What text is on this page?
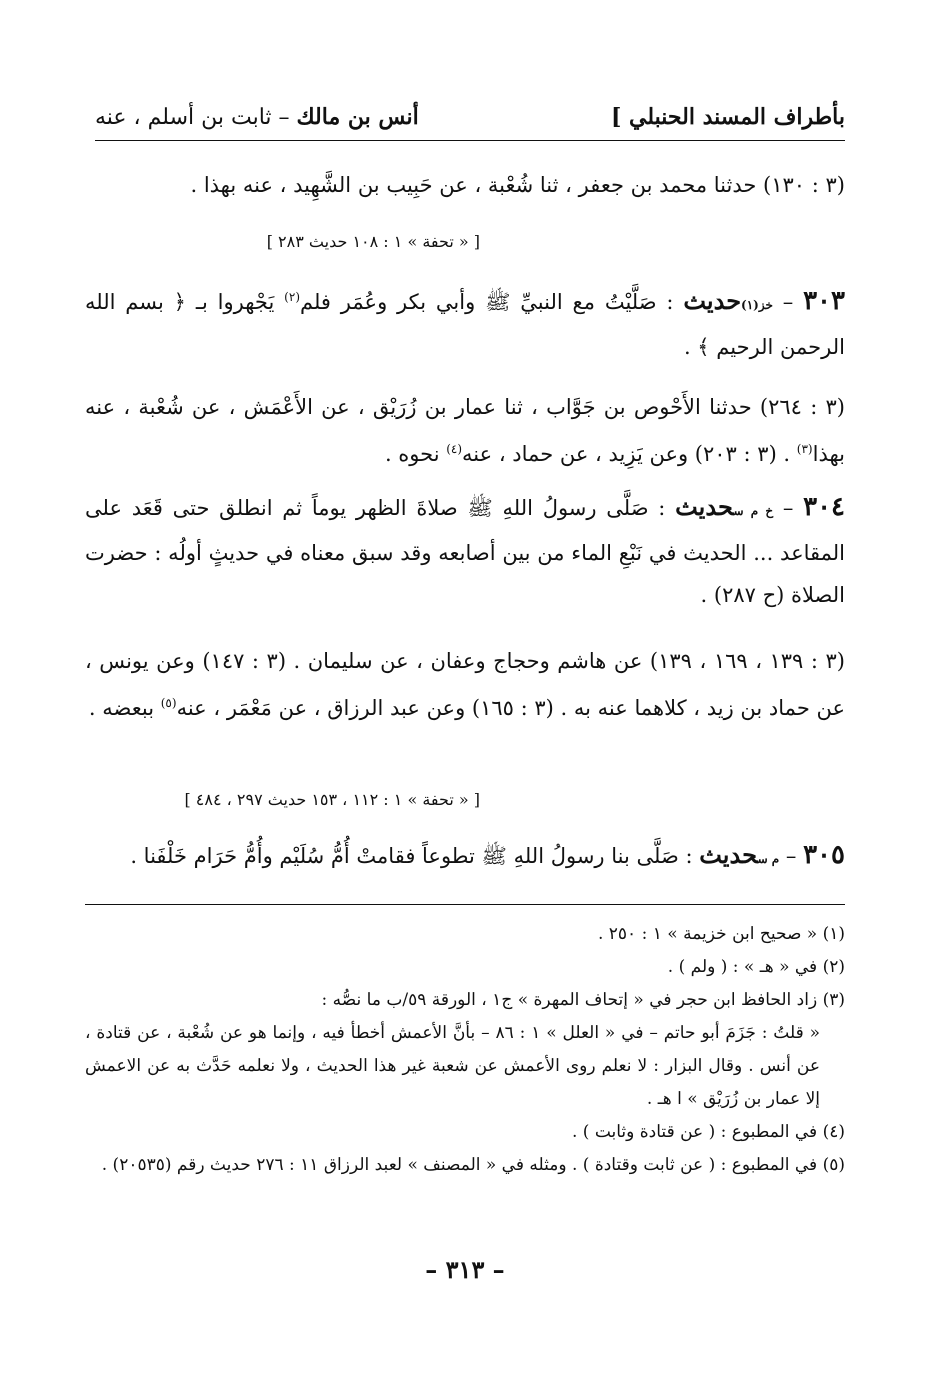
بأطراف المسند الحنبلي ]
أنس بن مالك – ثابت بن أسلم ، عنه
(٣ : ١٣٠) حدثنا محمد بن جعفر ، ثنا شُعْبة ، عن حَبِيب بن الشَّهِيد ، عنه بهذا .
[ « تحفة » ١ : ١٠٨ حديث ٢٨٣ ]
٣٠٣ – خز(١)حديث : صَلَّيْتُ مع النبيِّ ﷺ وأبي بكر وعُمَر فلم$^{(٢)}$ يَجْهروا بـ ﴿ بسم الله الرحمن الرحيم ﴾ .
(٣ : ٢٦٤) حدثنا الأَحْوص بن جَوَّاب ، ثنا عمار بن زُرَيْق ، عن الأَعْمَش ، عن شُعْبة ، عنه بهذا$^{(٣)}$ . (٣ : ٢٠٣) وعن يَزِيد ، عن حماد ، عنه$^{(٤)}$ نحوه .
٣٠٤ – خ م سحديث : صَلَّى رسولُ اللهِ ﷺ صلاةَ الظهر يوماً ثم انطلق حتى قَعَد على المقاعد ... الحديث في نَبْعِ الماء من بين أصابعه وقد سبق معناه في حديثٍ أولُه : حضرت الصلاة (ح ٢٨٧) .
(٣ : ١٣٩ ، ١٦٩ ، ١٣٩) عن هاشم وحجاج وعفان ، عن سليمان . (٣ : ١٤٧) وعن يونس ، عن حماد بن زيد ، كلاهما عنه به . (٣ : ١٦٥) وعن عبد الرزاق ، عن مَعْمَر ، عنه$^{(٥)}$ ببعضه .
[ « تحفة » ١ : ١١٢ ، ١٥٣ حديث ٢٩٧ ، ٤٨٤ ]
٣٠٥ – م سحديث : صَلَّى بنا رسولُ اللهِ ﷺ تطوعاً فقامتْ أُمُّ سُلَيْم وأُمُّ حَرَام خَلْفَنا .
(١) « صحيح ابن خزيمة » ١ : ٢٥٠ .
(٢) في « هـ » : ( ولم ) .
(٣) زاد الحافظ ابن حجر في « إتحاف المهرة » ج١ ، الورقة ٥٩/ب ما نصُّه :
« قلتُ : جَزَمَ أبو حاتم – في « العلل » ١ : ٨٦ – بأنَّ الأعمش أخطأ فيه ، وإنما هو عن شُعْبة ، عن قتادة ، عن أنس . وقال البزار : لا نعلم روى الأعمش عن شعبة غير هذا الحديث ، ولا نعلمه حَدَّث به عن الاعمش إلا عمار بن زُرَيْق » ا هـ .
(٤) في المطبوع : ( عن قتادة وثابت ) .
(٥) في المطبوع : ( عن ثابت وقتادة ) . ومثله في « المصنف » لعبد الرزاق ١١ : ٢٧٦ حديث رقم (٢٠٥٣٥) .
– ٣١٣ –
